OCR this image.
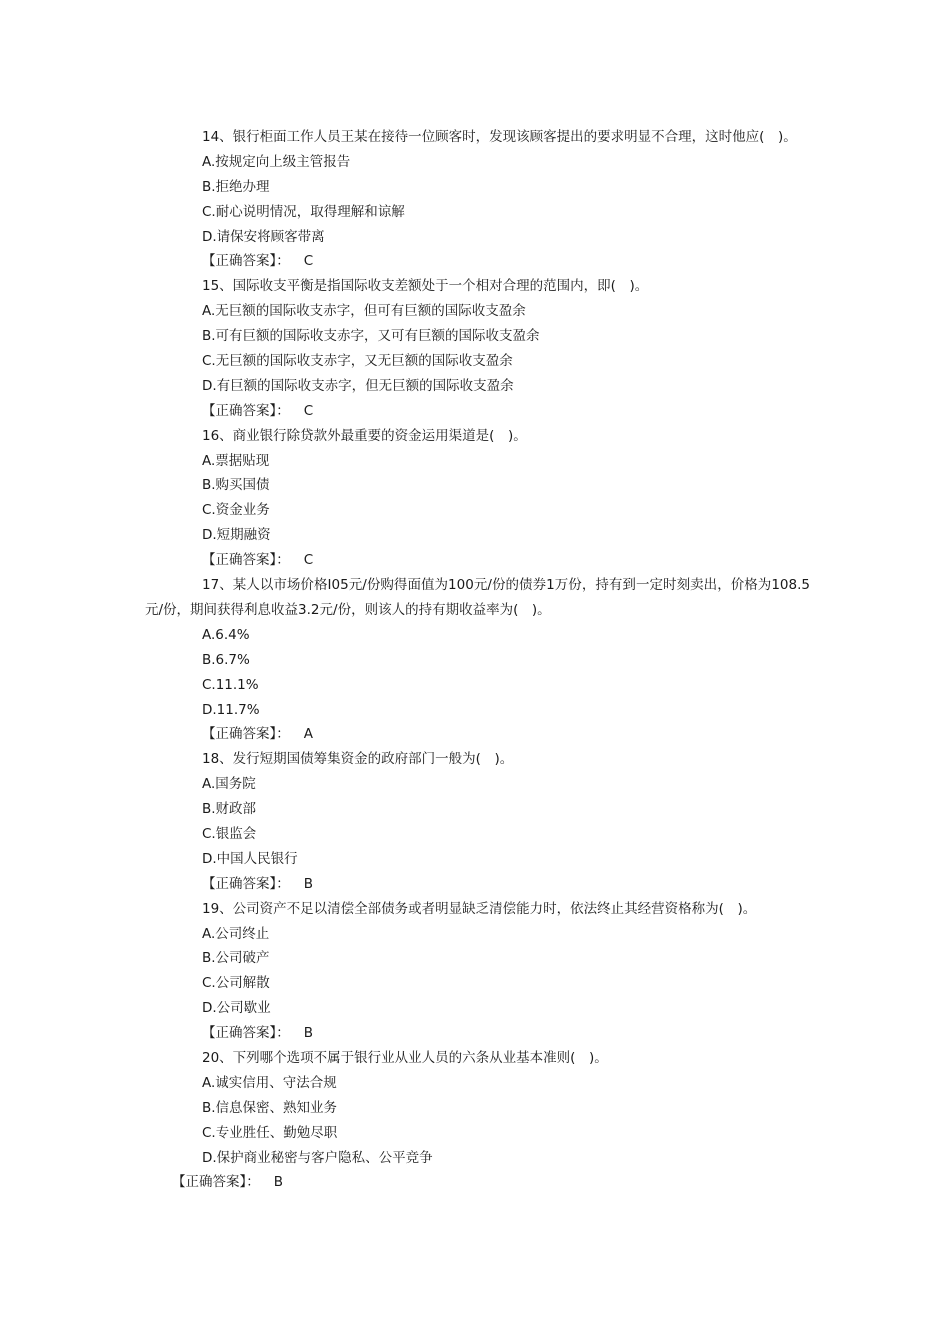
14、银行柜面工作人员王某在接待一位顾客时，发现该顾客提出的要求明显不合理，这时他应(　)。
A.按规定向上级主管报告
B.拒绝办理
C.耐心说明情况，取得理解和谅解
D.请保安将顾客带离
【正确答案】： C
15、国际收支平衡是指国际收支差额处于一个相对合理的范围内，即(　)。
A.无巨额的国际收支赤字，但可有巨额的国际收支盈余
B.可有巨额的国际收支赤字，又可有巨额的国际收支盈余
C.无巨额的国际收支赤字，又无巨额的国际收支盈余
D.有巨额的国际收支赤字，但无巨额的国际收支盈余
【正确答案】： C
16、商业银行除贷款外最重要的资金运用渠道是(　)。
A.票据贴现
B.购买国债
C.资金业务
D.短期融资
【正确答案】： C
17、某人以市场价格I05元/份购得面值为100元/份的债券1万份，持有到一定时刻卖出，价格为108.5元/份，期间获得利息收益3.2元/份，则该人的持有期收益率为(　)。
A.6.4%
B.6.7%
C.11.1%
D.11.7%
【正确答案】： A
18、发行短期国债筹集资金的政府部门一般为(　)。
A.国务院
B.财政部
C.银监会
D.中国人民银行
【正确答案】： B
19、公司资产不足以清偿全部债务或者明显缺乏清偿能力时，依法终止其经营资格称为(　)。
A.公司终止
B.公司破产
C.公司解散
D.公司歇业
【正确答案】： B
20、下列哪个选项不属于银行业从业人员的六条从业基本准则(　)。
A.诚实信用、守法合规
B.信息保密、熟知业务
C.专业胜任、勤勉尽职
D.保护商业秘密与客户隐私、公平竞争
【正确答案】： B
